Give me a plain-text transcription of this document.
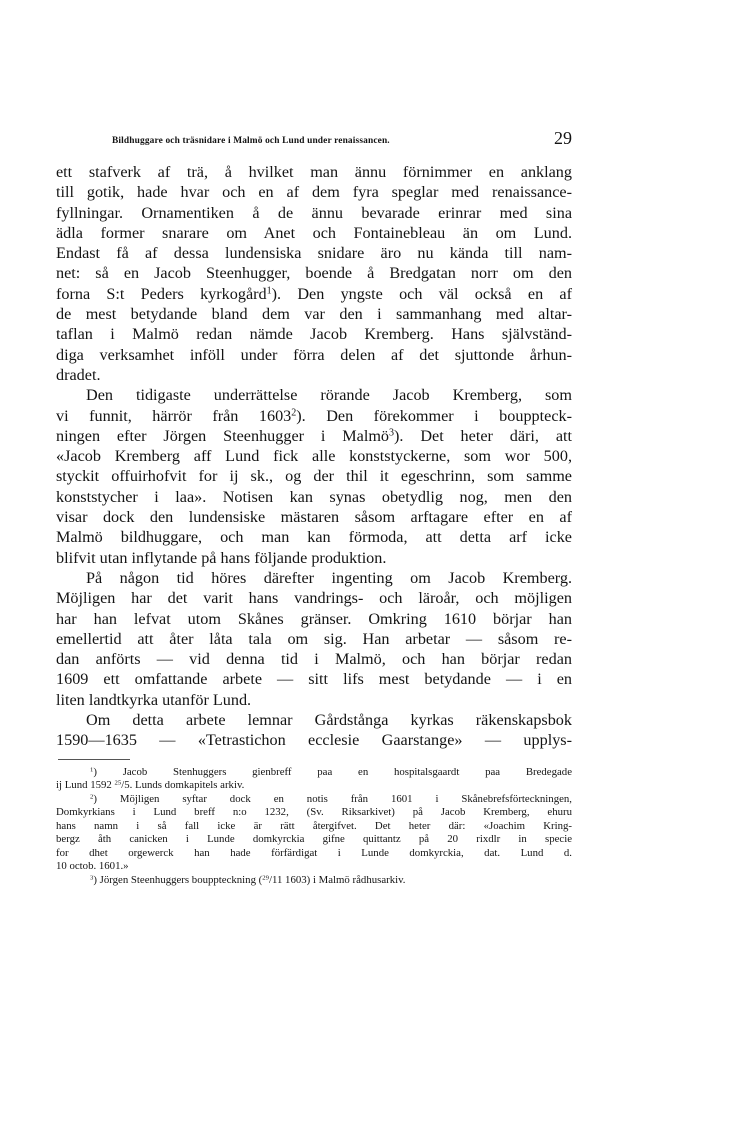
Bildhuggare och träsnidare i Malmö och Lund under renaissancen.	29
ett stafverk af trä, å hvilket man ännu förnimmer en anklang
till gotik, hade hvar och en af dem fyra speglar med renaissance-
fyllningar. Ornamentiken å de ännu bevarade erinrar med sina
ädla former snarare om Anet och Fontainebleau än om Lund.
Endast få af dessa lundensiska snidare äro nu kända till nam-
net: så en Jacob Steenhugger, boende å Bredgatan norr om den
forna S:t Peders kyrkogård$^1$). Den yngste och väl också en af
de mest betydande bland dem var den i sammanhang med altar-
taflan i Malmö redan nämde Jacob Kremberg. Hans självständ-
diga verksamhet inföll under förra delen af det sjuttonde århun-
dradet.
Den tidigaste underrättelse rörande Jacob Kremberg, som
vi funnit, härrör från 1603$^2$). Den förekommer i bouppteck-
ningen efter Jörgen Steenhugger i Malmö$^3$). Det heter däri, att
«Jacob Kremberg aff Lund fick alle konststyckerne, som wor 500,
styckit offuirhofvit for ij sk., og der thil it egeschrinn, som samme
konststycher i laa». Notisen kan synas obetydlig nog, men den
visar dock den lundensiske mästaren såsom arftagare efter en af
Malmö bildhuggare, och man kan förmoda, att detta arf icke
blifvit utan inflytande på hans följande produktion.
På någon tid höres därefter ingenting om Jacob Kremberg.
Möjligen har det varit hans vandrings- och läroår, och möjligen
har han lefvat utom Skånes gränser. Omkring 1610 börjar han
emellertid att åter låta tala om sig. Han arbetar — såsom re-
dan anförts — vid denna tid i Malmö, och han börjar redan
1609 ett omfattande arbete — sitt lifs mest betydande — i en
liten landtkyrka utanför Lund.
Om detta arbete lemnar Gårdstånga kyrkas räkenskapsbok
1590—1635 — «Tetrastichon ecclesie Gaarstange» — upplys-
$^1$) Jacob Stenhuggers gienbreff paa en hospitalsgaardt paa Bredegade
ij Lund 1592 $^{25}$/5. Lunds domkapitels arkiv.
$^2$) Möjligen syftar dock en notis från 1601 i Skånebrefsförteckningen,
Domkyrkians i Lund breff n:o 1232, (Sv. Riksarkivet) på Jacob Kremberg, ehuru
hans namn i så fall icke är rätt återgifvet. Det heter där: «Joachim Kring-
bergz åth canicken i Lunde domkyrckia gifne quittantz på 20 rixdlr in specie
for dhet orgewerck han hade förfärdigat i Lunde domkyrckia, dat. Lund d.
10 octob. 1601.»
$^3$) Jörgen Steenhuggers bouppteckning ($^{29}$/11 1603) i Malmö rådhusarkiv.
